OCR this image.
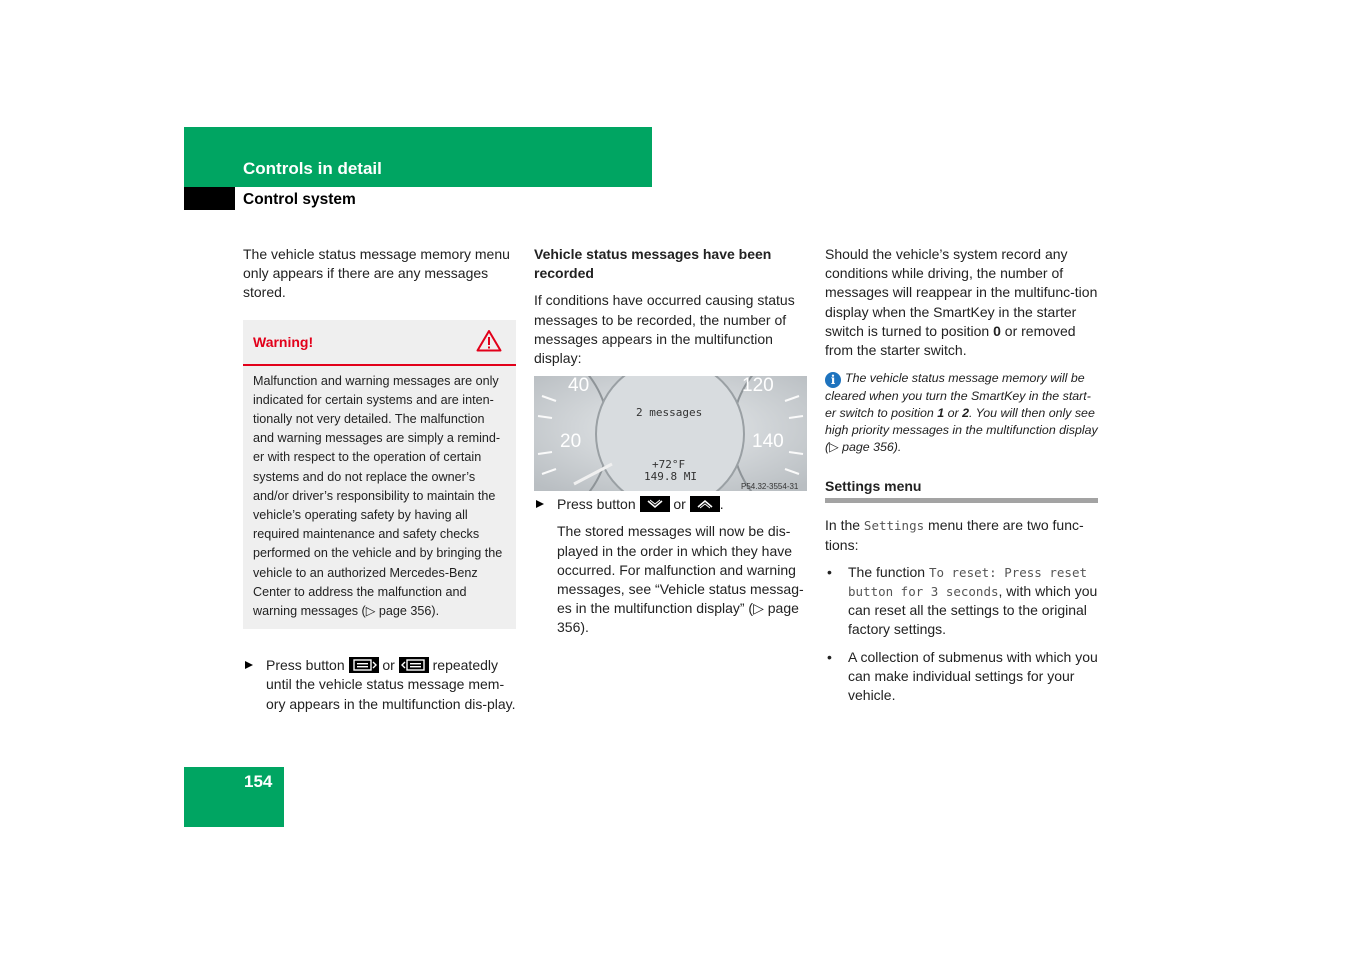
Controls in detail
Control system

The vehicle status message memory menu only appears if there are any messages stored.

Warning!
Malfunction and warning messages are only indicated for certain systems and are inten-tionally not very detailed. The malfunction and warning messages are simply a remind-er with respect to the operation of certain systems and do not replace the owner’s and/or driver’s responsibility to maintain the vehicle’s operating safety by having all required maintenance and safety checks performed on the vehicle and by bringing the vehicle to an authorized Mercedes-Benz Center to address the malfunction and warning messages (▷ page 356).
Press button	or	repeatedly until the vehicle status message mem-ory appears in the multifunction dis-play.

Vehicle status messages have been recorded

If conditions have occurred causing status messages to be recorded, the number of messages appears in the multifunction display:

40
20
120
140
2 messages
+72°F
149.8 MI
P54.32-3554-31
Press button	or .

The stored messages will now be dis-played in the order in which they have occurred. For malfunction and warning messages, see “Vehicle status messag-es in the multifunction display” (▷ page 356).

Should the vehicle’s system record any conditions while driving, the number of messages will reappear in the multifunc-tion display when the SmartKey in the starter switch is turned to position 0 or removed from the starter switch.

i The vehicle status message memory will be cleared when you turn the SmartKey in the start-er switch to position 1 or 2. You will then only see high priority messages in the multifunction display (▷ page 356).

Settings menu

In the Settings menu there are two func-tions:

• The function To reset: Press reset button for 3 seconds, with which you can reset all the settings to the original factory settings.
• A collection of submenus with which you can make individual settings for your vehicle.
154
